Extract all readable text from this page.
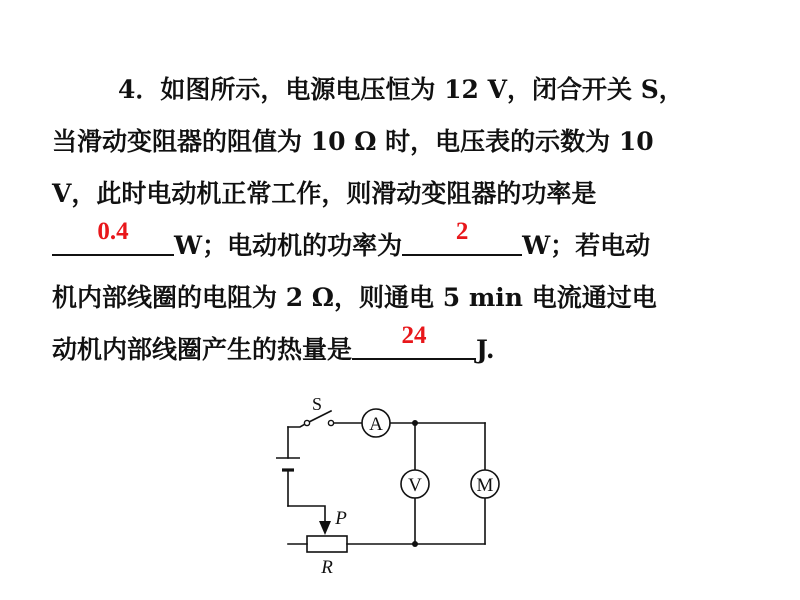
4．如图所示，电源电压恒为 12 V，闭合开关 S，
当滑动变阻器的阻值为 10 Ω 时，电压表的示数为 10
V，此时电动机正常工作，则滑动变阻器的功率是
0.4	W；电动机的功率为	2	W；若电动
机内部线圈的电阻为 2 Ω，则通电 5 min 电流通过电
动机内部线圈产生的热量是	24	J.
A
V	M
S
P
R
